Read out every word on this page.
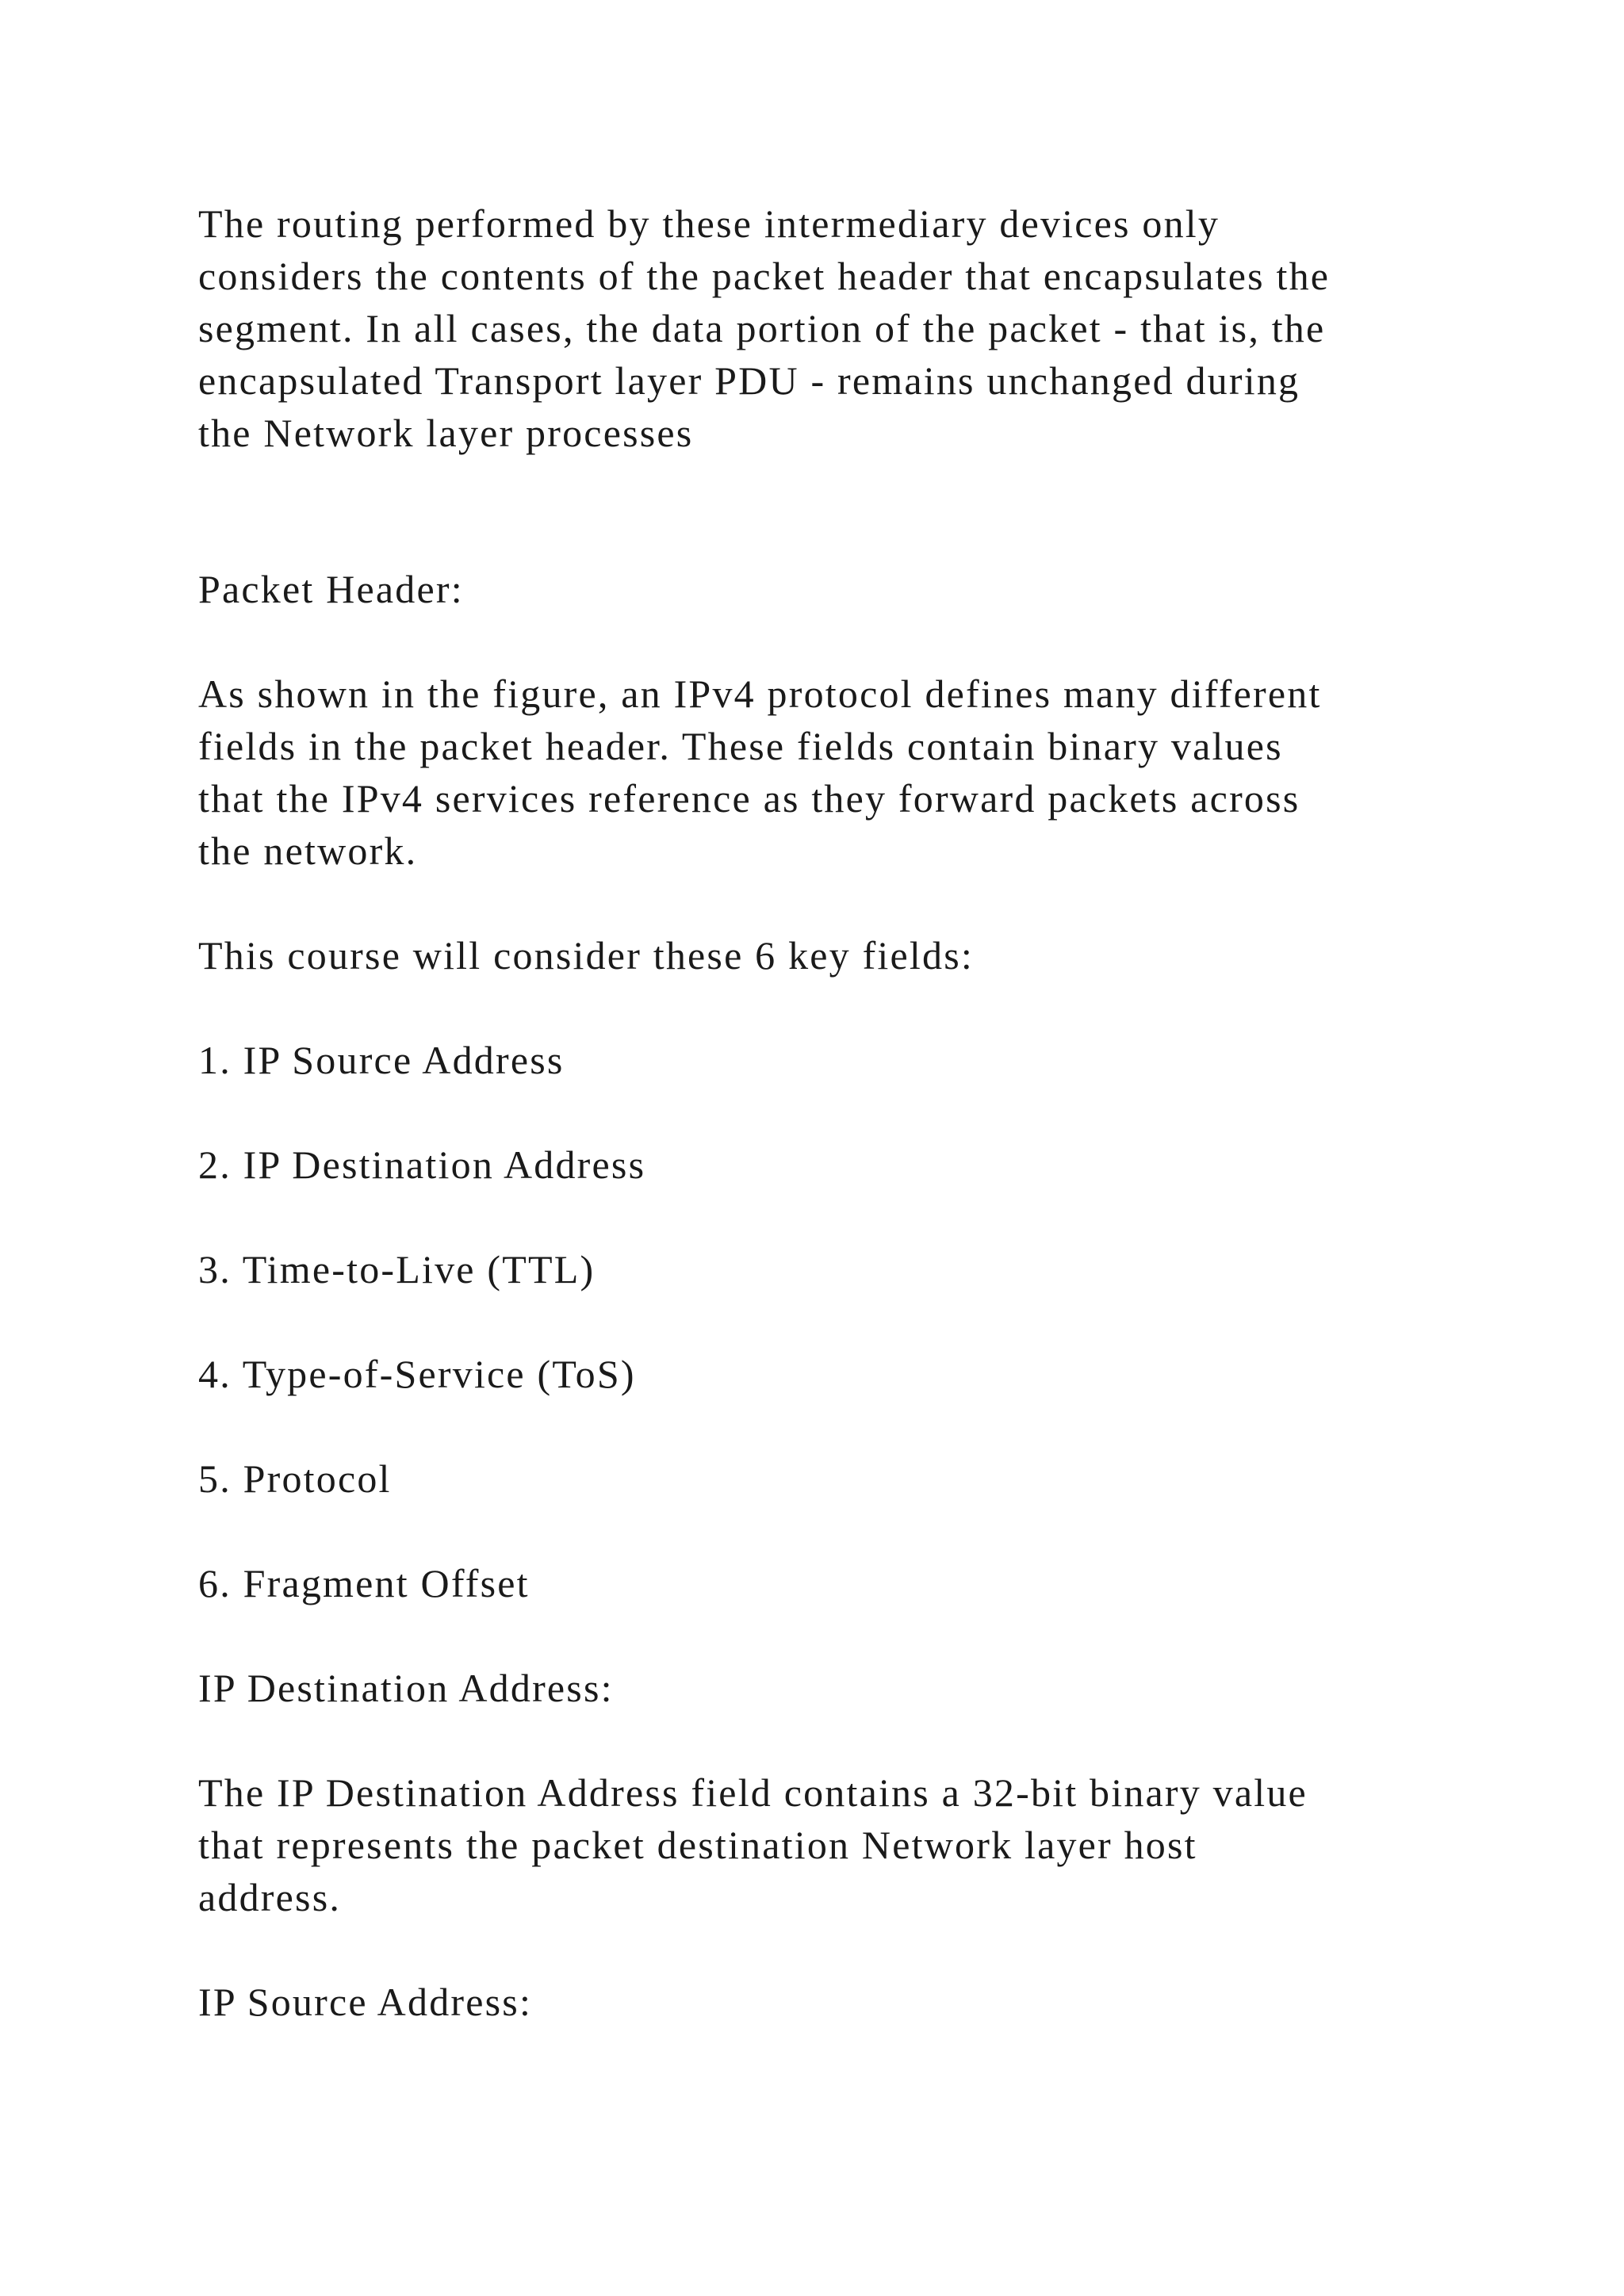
The routing performed by these intermediary devices only

considers the contents of the packet header that encapsulates the

segment. In all cases, the data portion of the packet - that is, the

encapsulated Transport layer PDU - remains unchanged during

the Network layer processes

Packet Header:

As shown in the figure, an IPv4 protocol defines many different

fields in the packet header. These fields contain binary values

that the IPv4 services reference as they forward packets across

the network.

This course will consider these 6 key fields:

1. IP Source Address

2. IP Destination Address

3. Time-to-Live (TTL)

4. Type-of-Service (ToS)

5. Protocol

6. Fragment Offset

IP Destination Address:

The IP Destination Address field contains a 32-bit binary value

that represents the packet destination Network layer host

address.

IP Source Address:
